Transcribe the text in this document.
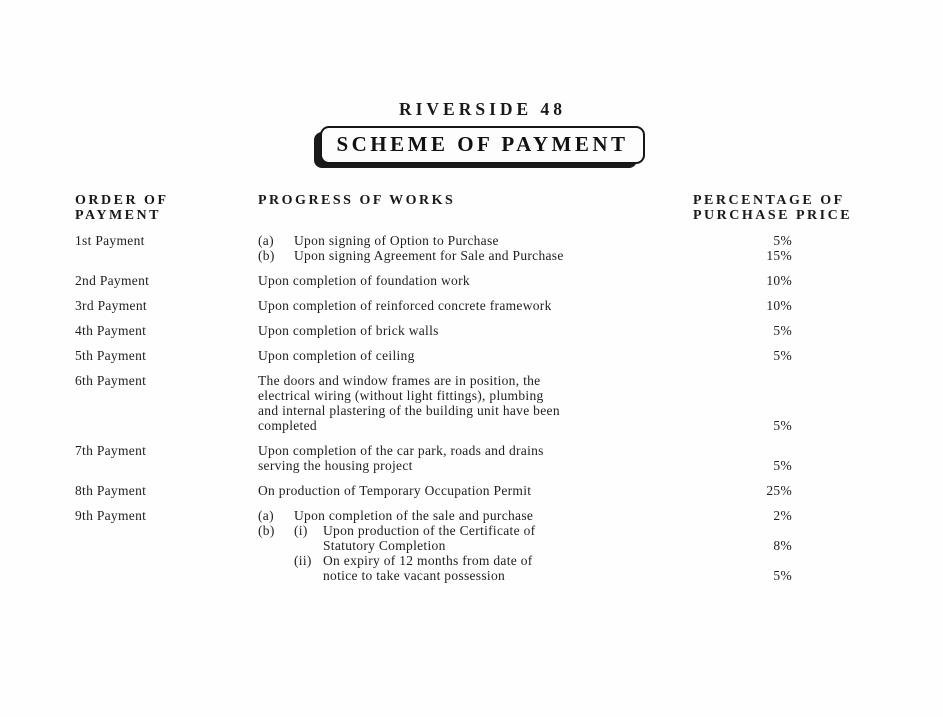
RIVERSIDE 48
SCHEME OF PAYMENT
ORDER OF
PAYMENT
PROGRESS OF WORKS	PERCENTAGE OF
PURCHASE PRICE
1st Payment	(a)	Upon signing of Option to Purchase	5%
(b)	Upon signing Agreement for Sale and Purchase	15%
2nd Payment	Upon completion of foundation work	10%
3rd Payment	Upon completion of reinforced concrete framework	10%
4th Payment	Upon completion of brick walls	5%
5th Payment	Upon completion of ceiling	5%
6th Payment	The doors and window frames are in position, the
electrical wiring (without light fittings), plumbing
and internal plastering of the building unit have been
completed	5%
7th Payment	Upon completion of the car park, roads and drains
serving the housing project	5%
8th Payment	On production of Temporary Occupation Permit	25%
9th Payment	(a)	Upon completion of the sale and purchase	2%
(b)	(i)	Upon production of the Certificate of
Statutory Completion	8%
(ii) On expiry of 12 months from date of
notice to take vacant possession	5%
